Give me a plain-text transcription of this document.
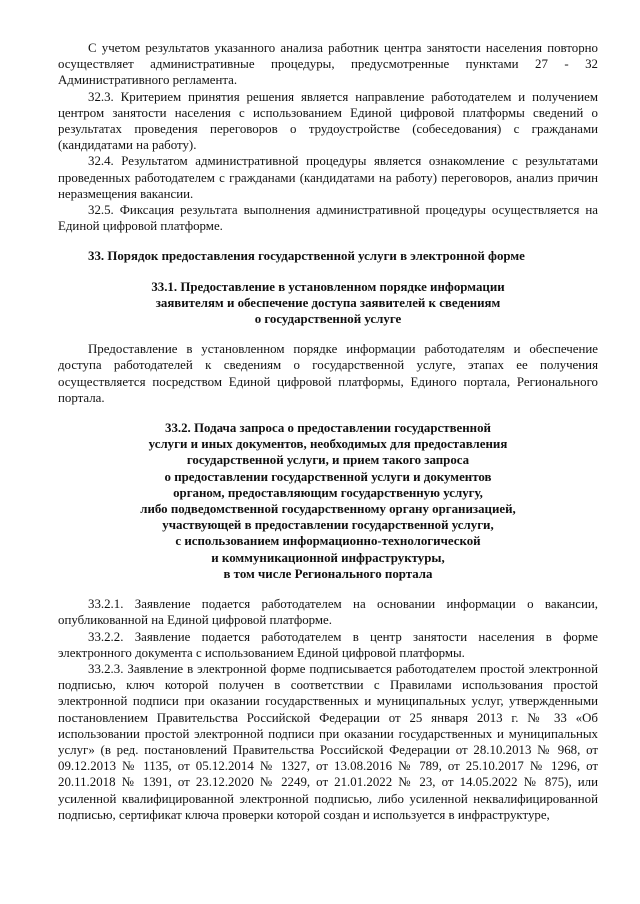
С учетом результатов указанного анализа работник центра занятости населения повторно осуществляет административные процедуры, предусмотренные пунктами 27 - 32 Административного регламента.

32.3. Критерием принятия решения является направление работодателем и получением центром занятости населения с использованием Единой цифровой платформы сведений о результатах проведения переговоров о трудоустройстве (собеседования) с гражданами (кандидатами на работу).

32.4. Результатом административной процедуры является ознакомление с результатами проведенных работодателем с гражданами (кандидатами на работу) переговоров, анализ причин неразмещения вакансии.

32.5. Фиксация результата выполнения административной процедуры осуществляется на Единой цифровой платформе.

33. Порядок предоставления государственной услуги в электронной форме

33.1. Предоставление в установленном порядке информации
заявителям и обеспечение доступа заявителей к сведениям
о государственной услуге

Предоставление в установленном порядке информации работодателям и обеспечение доступа работодателей к сведениям о государственной услуге, этапах ее получения осуществляется посредством Единой цифровой платформы, Единого портала, Регионального портала.

33.2. Подача запроса о предоставлении государственной
услуги и иных документов, необходимых для предоставления
государственной услуги, и прием такого запроса
о предоставлении государственной услуги и документов
органом, предоставляющим государственную услугу,
либо подведомственной государственному органу организацией,
участвующей в предоставлении государственной услуги,
с использованием информационно-технологической
и коммуникационной инфраструктуры,
в том числе Регионального портала

33.2.1. Заявление подается работодателем на основании информации о вакансии, опубликованной на Единой цифровой платформе.

33.2.2. Заявление подается работодателем в центр занятости населения в форме электронного документа с использованием Единой цифровой платформы.

33.2.3. Заявление в электронной форме подписывается работодателем простой электронной подписью, ключ которой получен в соответствии с Правилами использования простой электронной подписи при оказании государственных и муниципальных услуг, утвержденными постановлением Правительства Российской Федерации от 25 января 2013 г. № 33 «Об использовании простой электронной подписи при оказании государственных и муниципальных услуг» (в ред. постановлений Правительства Российской Федерации от 28.10.2013 № 968, от 09.12.2013 № 1135, от 05.12.2014 № 1327, от 13.08.2016 № 789, от 25.10.2017 № 1296, от 20.11.2018 № 1391, от 23.12.2020 № 2249, от 21.01.2022 № 23, от 14.05.2022 № 875), или усиленной квалифицированной электронной подписью, либо усиленной неквалифицированной подписью, сертификат ключа проверки которой создан и используется в инфраструктуре,
